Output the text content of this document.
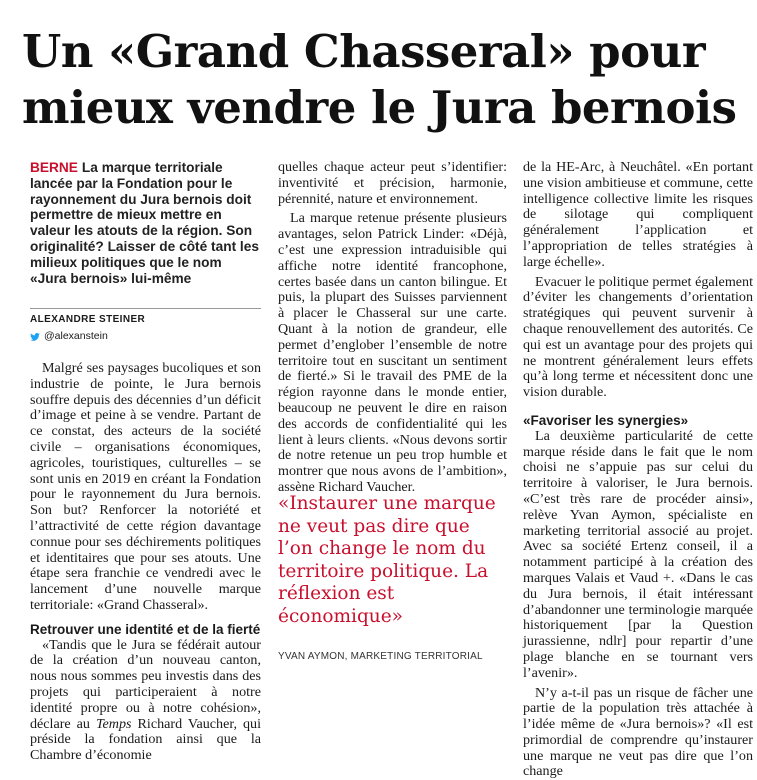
Un «Grand Chasseral» pour
mieux vendre le Jura bernois

BERNE La marque territoriale lancée par la Fondation pour le rayonnement du Jura bernois doit permettre de mieux mettre en valeur les atouts de la région. Son originalité? Laisser de côté tant les milieux politiques que le nom «Jura bernois» lui-même

ALEXANDRE STEINER
@alexanstein

Malgré ses paysages bucoliques et son industrie de pointe, le Jura bernois souffre depuis des décennies d’un déficit d’image et peine à se vendre. Partant de ce constat, des acteurs de la société civile – organisations économiques, agricoles, touristiques, culturelles – se sont unis en 2019 en créant la Fondation pour le rayonnement du Jura bernois. Son but? Renforcer la notoriété et l’attractivité de cette région davantage connue pour ses déchirements politiques et identitaires que pour ses atouts. Une étape sera franchie ce vendredi avec le lancement d’une nouvelle marque territoriale: «Grand Chasseral».

Retrouver une identité et de la fierté

«Tandis que le Jura se fédérait autour de la création d’un nouveau canton, nous nous sommes peu investis dans des projets qui participeraient à notre identité propre ou à notre cohésion», déclare au Temps Richard Vaucher, qui préside la fondation ainsi que la Chambre d’économie

quelles chaque acteur peut s’identifier: inventivité et précision, harmonie, pérennité, nature et environnement.

La marque retenue présente plusieurs avantages, selon Patrick Linder: «Déjà, c’est une expression intraduisible qui affiche notre identité francophone, certes basée dans un canton bilingue. Et puis, la plupart des Suisses parviennent à placer le Chasseral sur une carte. Quant à la notion de grandeur, elle permet d’englober l’ensemble de notre territoire tout en suscitant un sentiment de fierté.» Si le travail des PME de la région rayonne dans le monde entier, beaucoup ne peuvent le dire en raison des accords de confidentialité qui les lient à leurs clients. «Nous devons sortir de notre retenue un peu trop humble et montrer que nous avons de l’ambition», assène Richard Vaucher.

«Instaurer une marque ne veut pas dire que l’on change le nom du territoire politique. La réflexion est économique»
YVAN AYMON, MARKETING TERRITORIAL

de la HE-Arc, à Neuchâtel. «En portant une vision ambitieuse et commune, cette intelligence collective limite les risques de silotage qui compliquent généralement l’application et l’appropriation de telles stratégies à large échelle».

Evacuer le politique permet également d’éviter les changements d’orientation stratégiques qui peuvent survenir à chaque renouvellement des autorités. Ce qui est un avantage pour des projets qui ne montrent généralement leurs effets qu’à long terme et nécessitent donc une vision durable.

«Favoriser les synergies»

La deuxième particularité de cette marque réside dans le fait que le nom choisi ne s’appuie pas sur celui du territoire à valoriser, le Jura bernois. «C’est très rare de procéder ainsi», relève Yvan Aymon, spécialiste en marketing territorial associé au projet. Avec sa société Ertenz conseil, il a notamment participé à la création des marques Valais et Vaud +. «Dans le cas du Jura bernois, il était intéressant d’abandonner une terminologie marquée historiquement [par la Question jurassienne, ndlr] pour repartir d’une plage blanche en se tournant vers l’avenir».

N’y a-t-il pas un risque de fâcher une partie de la population très attachée à l’idée même de «Jura bernois»? «Il est primordial de comprendre qu’instaurer une marque ne veut pas dire que l’on change
